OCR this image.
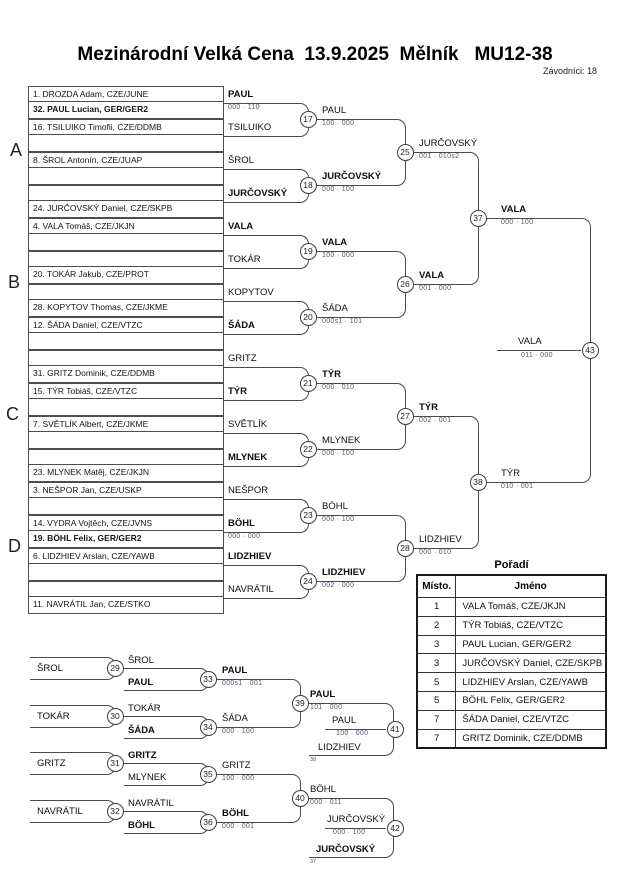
Mezinárodní Velká Cena  13.9.2025  Mělník   MU12-38
Závodníci: 18
A
B
C
D
1. DROZDA Adam, CZE/JUNE
32. PAUL Lucian, GER/GER2
PAUL
000 · 110
16. TSILUIKO Timofii, CZE/DDMB	TSILUIKO
8. ŠROL Antonín, CZE/JUAP	ŠROL
24. JURČOVSKÝ Daniel, CZE/SKPB
JURČOVSKÝ
4. VALA Tomáš, CZE/JKJN	VALA
20. TOKÁR Jakub, CZE/PROT
TOKÁR
28. KOPYTOV Thomas, CZE/JKME
KOPYTOV
12. ŠÁDA Daniel, CZE/VTZC	ŠÁDA
31. GRITZ Dominik, CZE/DDMB
GRITZ
15. TÝR Tobiáš, CZE/VTZC	TÝR
7. SVĚTLÍK Albert, CZE/JKME	SVĚTLÍK
23. MLYNEK Matěj, CZE/JKJN
MLYNEK
3. NEŠPOR Jan, CZE/USKP	NEŠPOR
14. VYDRA Vojtěch, CZE/JVNS
19. BÖHL Felix, GER/GER2
BÖHL
000 · 000
6. LIDZHIEV Arslan, CZE/YAWB	LIDZHIEV
11. NAVRÁTIL Jan, CZE/STKO
NAVRÁTIL
17
PAUL
100 · 000
18
JURČOVSKÝ
000 · 100
19
VALA
100 · 000
20
ŠÁDA
000s1 · 101
21
TÝR
000 · 010
22
MLYNEK
000 · 100
23
BÖHL
000 · 100
24
LIDZHIEV
002 · 000
25
JURČOVSKÝ
001 · 010s2
26
VALA
001 · 000
27
TÝR
002 · 001
28
LIDZHIEV
000 · 010
37
VALA
000 · 100
38
TÝR
010 · 001
43
VALA
011 · 000
ŠROL	29
TOKÁR	30
GRITZ	31
NAVRÁTIL	32
ŠROL
PAUL	33
PAUL
000s1 · 001
TOKÁR
ŠÁDA	34
ŠÁDA
000 · 100
GRITZ
MLYNEK	35
GRITZ
100 · 000
NAVRÁTIL
BÖHL	36
BÖHL
000 · 001
39
PAUL
101 · 000
40
BÖHL
000 · 011
LIDZHIEV
38
41
PAUL
100 · 000
JURČOVSKÝ
37
42
JURČOVSKÝ
000 · 100
Pořadí
Místo.	Jméno
1	VALA Tomáš, CZE/JKJN
2	TÝR Tobiáš, CZE/VTZC
3	PAUL Lucian, GER/GER2
3	JURČOVSKÝ Daniel, CZE/SKPB
5	LIDZHIEV Arslan, CZE/YAWB
5	BÖHL Felix, GER/GER2
7	ŠÁDA Daniel, CZE/VTZC
7	GRITZ Dominik, CZE/DDMB
